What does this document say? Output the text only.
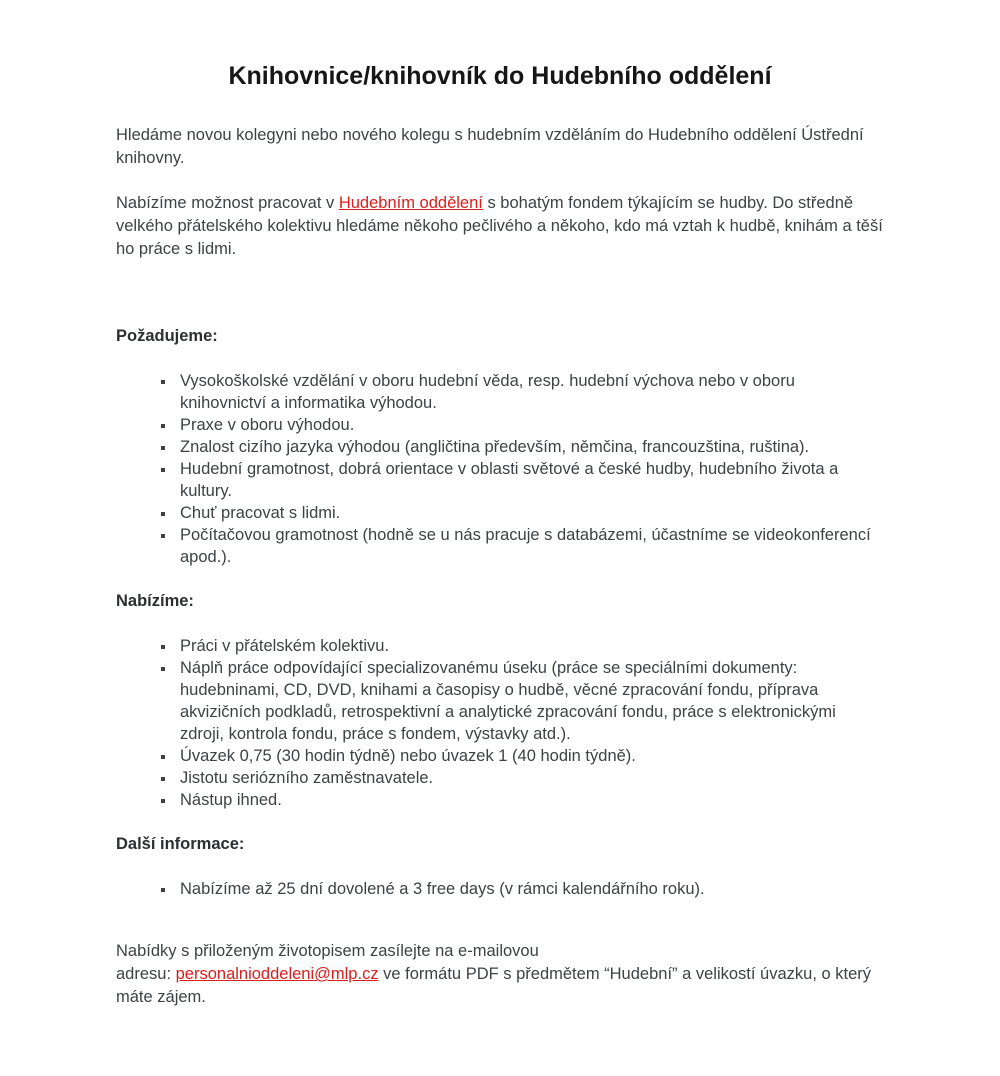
Knihovnice/knihovník do Hudebního oddělení

Hledáme novou kolegyni nebo nového kolegu s hudebním vzděláním do Hudebního oddělení Ústřední knihovny.

Nabízíme možnost pracovat v Hudebním oddělení s bohatým fondem týkajícím se hudby. Do středně velkého přátelského kolektivu hledáme někoho pečlivého a někoho, kdo má vztah k hudbě, knihám a těší ho práce s lidmi.

Požadujeme:
▪ Vysokoškolské vzdělání v oboru hudební věda, resp. hudební výchova nebo v oboru knihovnictví a informatika výhodou.
▪ Praxe v oboru výhodou.
▪ Znalost cizího jazyka výhodou (angličtina především, němčina, francouzština, ruština).
▪ Hudební gramotnost, dobrá orientace v oblasti světové a české hudby, hudebního života a kultury.
▪ Chuť pracovat s lidmi.
▪ Počítačovou gramotnost (hodně se u nás pracuje s databázemi, účastníme se videokonferencí apod.).
Nabízíme:
▪ Práci v přátelském kolektivu.
▪ Náplň práce odpovídající specializovanému úseku (práce se speciálními dokumenty: hudebninami, CD, DVD, knihami a časopisy o hudbě, věcné zpracování fondu, příprava akvizičních podkladů, retrospektivní a analytické zpracování fondu, práce s elektronickými zdroji, kontrola fondu, práce s fondem, výstavky atd.).
▪ Úvazek 0,75 (30 hodin týdně) nebo úvazek 1 (40 hodin týdně).
▪ Jistotu seriózního zaměstnavatele.
▪ Nástup ihned.
Další informace:
▪ Nabízíme až 25 dní dovolené a 3 free days (v rámci kalendářního roku).

Nabídky s přiloženým životopisem zasílejte na e-mailovou
adresu: personalnioddeleni@mlp.cz ve formátu PDF s předmětem “Hudební” a velikostí úvazku, o který máte zájem.
